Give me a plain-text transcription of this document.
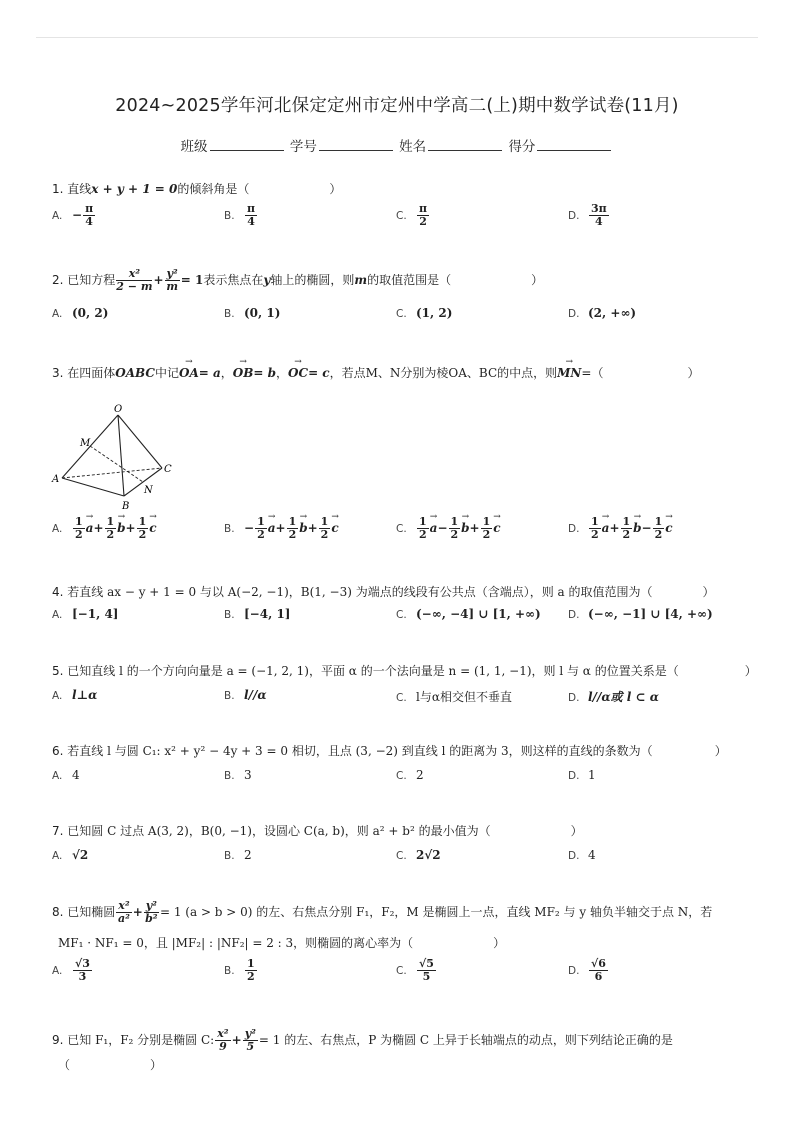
2024~2025学年河北保定定州市定州中学高二(上)期中数学试卷(11月)
班级	学号	姓名	得分
1. 直线x + y + 1 = 0的倾斜角是（	）
A. − $\frac{\pi}{4}$	B. $\frac{\pi}{4}$	C. $\frac{\pi}{2}$	D. $\frac{3\pi}{4}$
2. 已知方程 $\frac{\text{x²}}{2 - m} + \frac{\text{y²}}{m} = 1$表示焦点在y轴上的椭圆，则m的取值范围是（	）
A. (0, 2)	B. (0, 1)	C. (1, 2)	D. (2, +∞)
3. 在四面体OABC中记→ OA= a，→ OB= b，→ OC= c，若点M、N分别为棱OA、BC的中点，则→ MN=（	）
O
M
A
B
C
N
A. $\frac{1}{2}$
→ $a+ \frac{1}{2}$
→ $b+ \frac{1}{2}$
→ c	B. − $\frac{1}{2}$
→ $a+ \frac{1}{2}$
→ $b+ \frac{1}{2}$
→ c	C. $\frac{1}{2}$
→ $a- \frac{1}{2}$
→ $b+ \frac{1}{2}$
→ c	D. $\frac{1}{2}$
→ $a+ \frac{1}{2}$
→ $b- \frac{1}{2}$
→ c
4. 若直线 ax − y + 1 = 0 与以 A(−2, −1)，B(1, −3) 为端点的线段有公共点（含端点），则 a 的取值范围为（	）
A. [−1, 4]	B. [−4, 1]	C. (−∞, −4] ∪ [1, +∞)	D. (−∞, −1] ∪ [4, +∞)
5. 已知直线 l 的一个方向向量是 a = (−1, 2, 1)，平面 α 的一个法向量是 n = (1, 1, −1)，则 l 与 α 的位置关系是（	）
A. l⊥α	B. l//α	C. l与α相交但不垂直	D. l//α或 l ⊂ α
6. 若直线 l 与圆 C₁: x² + y² − 4y + 3 = 0 相切，且点 (3, −2) 到直线 l 的距离为 3，则这样的直线的条数为（	）
A. 4	B. 3	C. 2	D. 1
7. 已知圆 C 过点 A(3, 2)，B(0, −1)，设圆心 C(a, b)，则 a² + b² 的最小值为（	）
A. √2	B. 2	C. 2√2	D. 4
8. 已知椭圆 $\frac{\text{x²}}{\text{a²}} + \frac{\text{y²}}{\text{b²}} = 1$ (a > b > 0) 的左、右焦点分别 F₁，F₂，M 是椭圆上一点，直线 MF₂ 与 y 轴负半轴交于点 N，若
MF₁ · NF₁ = 0，且 |MF₂| : |NF₂| = 2 : 3，则椭圆的离心率为（	）
A. $\frac{√3}{3}$	B. $\frac{1}{2}$	C. $\frac{√5}{5}$	D. $\frac{√6}{6}$
9. 已知 F₁，F₂ 分别是椭圆 C: $\frac{\text{x²}}{9} + \frac{\text{y²}}{5} = 1$ 的左、右焦点，P 为椭圆 C 上异于长轴端点的动点，则下列结论正确的是
（	）
